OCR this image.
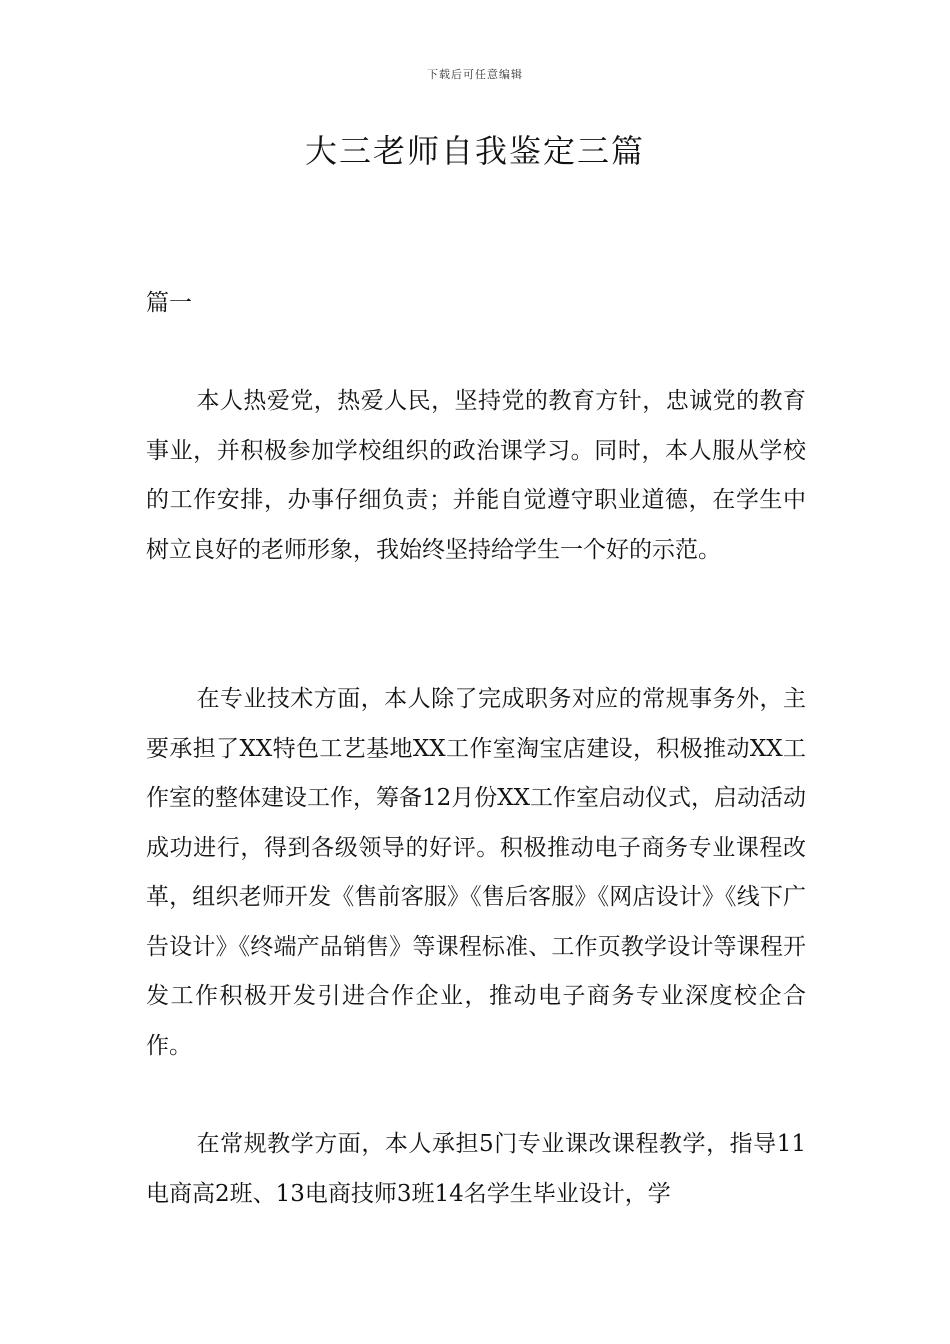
下载后可任意编辑
大三老师自我鉴定三篇
篇一

本人热爱党，热爱人民，坚持党的教育方针，忠诚党的教育事业，并积极参加学校组织的政治课学习。同时，本人服从学校的工作安排，办事仔细负责；并能自觉遵守职业道德，在学生中树立良好的老师形象，我始终坚持给学生一个好的示范。

在专业技术方面，本人除了完成职务对应的常规事务外，主要承担了XX特色工艺基地XX工作室淘宝店建设，积极推动XX工作室的整体建设工作，筹备12月份XX工作室启动仪式，启动活动成功进行，得到各级领导的好评。积极推动电子商务专业课程改革，组织老师开发《售前客服》《售后客服》《网店设计》《线下广告设计》《终端产品销售》等课程标准、工作页教学设计等课程开发工作积极开发引进合作企业，推动电子商务专业深度校企合作。

在常规教学方面，本人承担5门专业课改课程教学，指导11电商高2班、13电商技师3班14名学生毕业设计，学
